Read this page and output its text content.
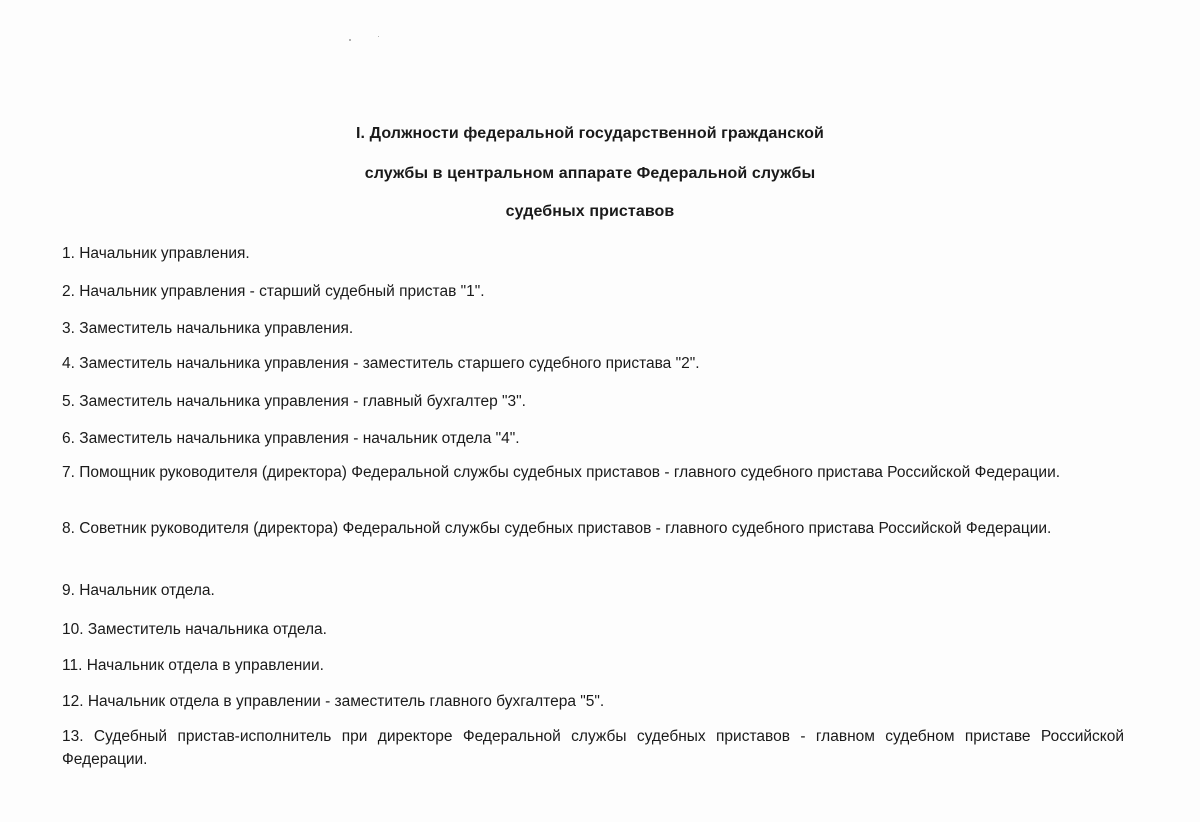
I. Должности федеральной государственной гражданской
службы в центральном аппарате Федеральной службы
судебных приставов
1. Начальник управления.
2. Начальник управления - старший судебный пристав "1".
3. Заместитель начальника управления.
4. Заместитель начальника управления - заместитель старшего судебного пристава "2".
5. Заместитель начальника управления - главный бухгалтер "3".
6. Заместитель начальника управления - начальник отдела "4".
7. Помощник руководителя (директора) Федеральной службы судебных приставов - главного судебного пристава Российской Федерации.
8. Советник руководителя (директора) Федеральной службы судебных приставов - главного судебного пристава Российской Федерации.
9. Начальник отдела.
10. Заместитель начальника отдела.
11. Начальник отдела в управлении.
12. Начальник отдела в управлении - заместитель главного бухгалтера "5".
13. Судебный пристав-исполнитель при директоре Федеральной службы судебных приставов - главном судебном приставе Российской Федерации.
